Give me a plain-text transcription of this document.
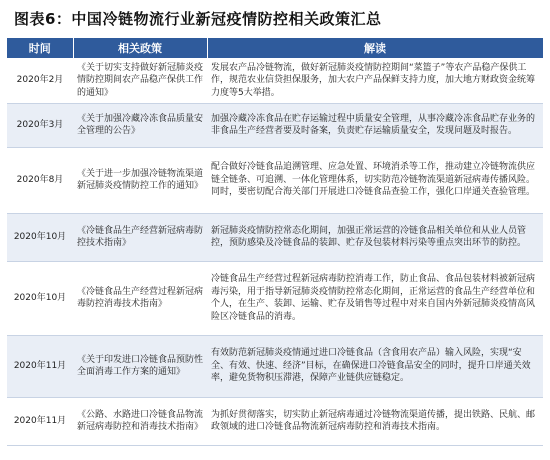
图表6：中国冷链物流行业新冠疫情防控相关政策汇总
时间	相关政策	解读
2020年2月	《关于切实支持做好新冠肺炎疫情防控期间农产品稳产保供工作的通知》	发展农产品冷链物流，做好新冠肺炎疫情防控期间“菜篮子”等农产品稳产保供工作，规范农业信贷担保服务，加大农户产品保鲜支持力度，加大地方财政资金统筹力度等5大举措。
2020年3月	《关于加强冷藏冷冻食品质量安全管理的公告》	加强冷藏冷冻食品在贮存运输过程中质量安全管理，从事冷藏冷冻食品贮存业务的非食品生产经营者要及时备案，负责贮存运输质量安全，发现问题及时报告。
2020年8月	《关于进一步加强冷链物流渠道新冠肺炎疫情防控工作的通知》	配合做好冷链食品追溯管理、应急处置、环境消杀等工作，推动建立冷链物流供应链全链条、可追溯、一体化管理体系，切实防范冷链物流渠道新冠病毒传播风险。同时，要密切配合海关部门开展进口冷链食品查验工作，强化口岸通关查验管理。
2020年10月	《冷链食品生产经营新冠病毒防控技术指南》	新冠肺炎疫情防控常态化期间，加强正常运营的冷链食品相关单位和从业人员管控，预防感染及冷链食品的装卸、贮存及包装材料污染等重点突出环节的防控。
2020年10月	《冷链食品生产经营过程新冠病毒防控消毒技术指南》	冷链食品生产经营过程新冠病毒防控消毒工作，防止食品、食品包装材料被新冠病毒污染，用于指导新冠肺炎疫情防控常态化期间，正常运营的食品生产经营单位和个人，在生产、装卸、运输、贮存及销售等过程中对来自国内外新冠肺炎疫情高风险区冷链食品的消毒。
2020年11月	《关于印发进口冷链食品预防性全面消毒工作方案的通知》	有效防范新冠肺炎疫情通过进口冷链食品（含食用农产品）输入风险，实现“安全、有效、快速、经济”目标，在确保进口冷链食品安全的同时，提升口岸通关效率，避免货物积压滞港，保障产业链供应链稳定。
2020年11月	《公路、水路进口冷链食品物流新冠病毒防控和消毒技术指南》	为抓好贯彻落实，切实防止新冠病毒通过冷链物流渠道传播，提出铁路、民航、邮政领域的进口冷链食品物流新冠病毒防控和消毒技术指南。
